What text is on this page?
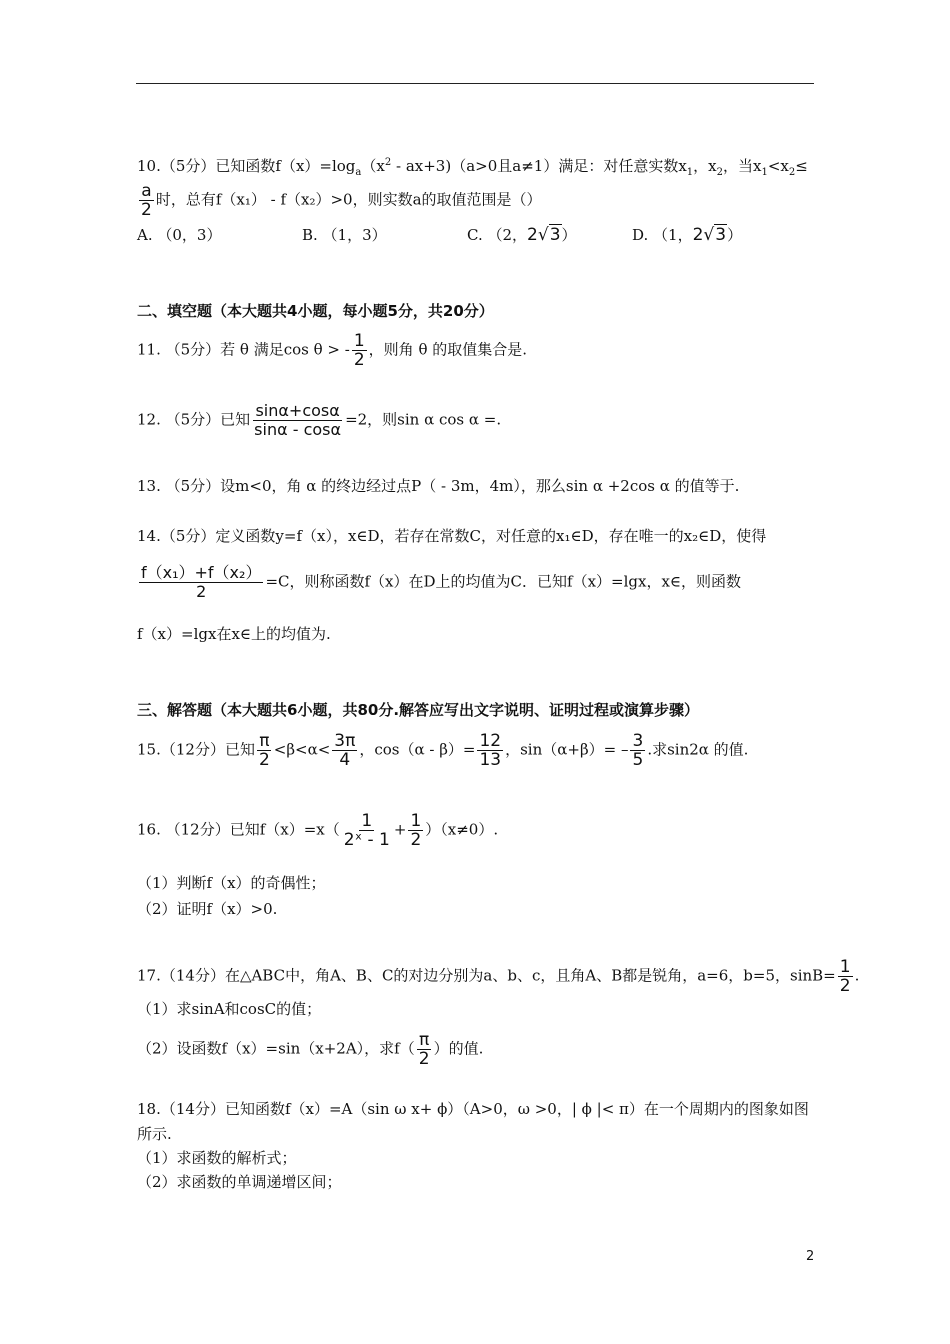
10.（5分）已知函数$f(x)=\log_a(x^2 - ax+3)(a>0$且a≠1）满足：对任意实数$x_1$，$x_2$，当$x_1<x_2\le$
$\frac{a}{2}$ 时，总有f（x₁） - f（x₂）>0，则实数a的取值范围是（）
A. （0，3）	B. （1，3）	C. （2，2√3）	D. （1，2√3）
二、填空题（本大题共4小题，每小题5分，共20分）
11. （5分）若 θ 满足cos θ > - $\frac{1}{2}$ ，则角 θ 的取值集合是.
12. （5分）已知 $\frac{\sin\alpha+\cos\alpha}{\sin\alpha - \cos\alpha} =2$，则sin α cos α =.
13. （5分）设m<0，角 α 的终边经过点P（ - 3m，4m），那么sin α +2cos α 的值等于.
14.（5分）定义函数y=f（x），x∈D，若存在常数C，对任意的x₁∈D，存在唯一的x₂∈D，使得
$\frac{\text{f（x₁）+f（x₂）}}{2} =C$，则称函数f（x）在D上的均值为C．已知f（x）=lgx，x∈，则函数
f（x）=lgx在x∈上的均值为.
三、解答题（本大题共6小题，共80分.解答应写出文字说明、证明过程或演算步骤）
15.（12分）已知 $\frac{\pi}{2} <\beta<\alpha< \frac{3\pi}{4}$ ，$\cos(\alpha - \beta)= \frac{12}{13}$ ，$\sin(\alpha+\beta)= - \frac{3}{5}$ .求sin2α 的值.
16. （12分）已知$f(x)=x( \frac{1}{\text{2ˣ - 1}} + \frac{1}{2} )(x\ne 0)$.
（1）判断f（x）的奇偶性；
（2）证明f（x）>0.
17.（14分）在△ABC中，角A、B、C的对边分别为a、b、c，且角A、B都是锐角，a=6，b=5，$\sin B= \frac{1}{2}$ .
（1）求sinA和cosC的值；
（2）设函数f（x）=sin（x+2A），求$f( \frac{\pi}{2}$ ）的值.
18.（14分）已知函数f（x）=A（sin ω x+ ϕ）（A>0，ω >0，| ϕ |< π）在一个周期内的图象如图
所示.
（1）求函数的解析式；
（2）求函数的单调递增区间；
2
